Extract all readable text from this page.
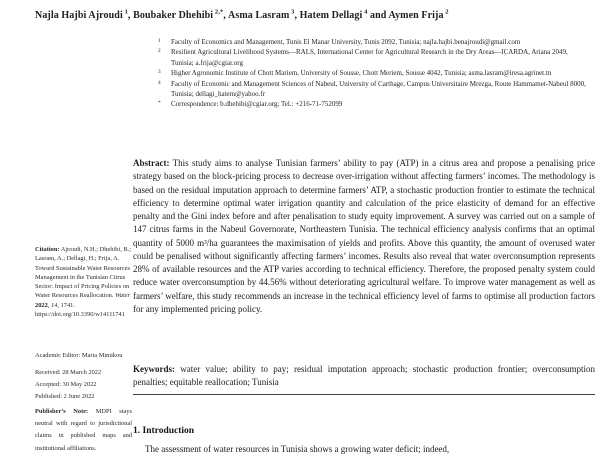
Najla Hajbi Ajroudi $^1$, Boubaker Dhehibi $^{2,*}$, Asma Lasram $^3$, Hatem Dellagi $^4$ and Aymen Frija $^2$
1	Faculty of Economics and Management, Tunis El Manar University, Tunis 2092, Tunisia; najla.hajbi.benajroudi@gmail.com
2	Resilient Agricultural Livelihood Systems—RALS, International Center for Agricultural Research in the Dry Areas—ICARDA, Ariana 2049, Tunisia; a.frija@cgiar.org
3	Higher Agronomic Institute of Chott Mariem, University of Sousse, Chott Meriem, Sousse 4042, Tunisia; asma.lasram@iresa.agrinet.tn
4	Faculty of Economic and Management Sciences of Nabeul, University of Carthage, Campus Universitaire Mrezga, Route Hammamet-Nabeul 8000, Tunisia; dellagi_hatem@yahoo.fr
*	Correspondence: b.dhehibi@cgiar.org; Tel.: +216-71-752099

Abstract: This study aims to analyse Tunisian farmers’ ability to pay (ATP) in a citrus area and propose a penalising price strategy based on the block-pricing process to decrease over-irrigation without affecting farmers’ incomes. The methodology is based on the residual imputation approach to determine farmers’ ATP, a stochastic production frontier to estimate the technical efficiency to determine optimal water irrigation quantity and calculation of the price elasticity of demand for an effective penalty and the Gini index before and after penalisation to study equity improvement. A survey was carried out on a sample of 147 citrus farms in the Nabeul Governorate, Northeastern Tunisia. The technical efficiency analysis confirms that an optimal quantity of 5000 m³/ha guarantees the maximisation of yields and profits. Above this quantity, the amount of overused water could be penalised without significantly affecting farmers’ incomes. Results also reveal that water overconsumption represents 28% of available resources and the ATP varies according to technical efficiency. Therefore, the proposed penalty system could reduce water overconsumption by 44.56% without deteriorating agricultural welfare. To improve water management as well as farmers’ welfare, this study recommends an increase in the technical efficiency level of farms to optimise all production factors for any implemented pricing policy.

Keywords: water value; ability to pay; residual imputation approach; stochastic production frontier; overconsumption penalties; equitable reallocation; Tunisia

1. Introduction

The assessment of water resources in Tunisia shows a growing water deficit; indeed,

Citation: Ajroudi, N.H.; Dhehibi, B.; Lasram, A.; Dellagi, H.; Frija, A. Toward Sustainable Water Resources Management in the Tunisian Citrus Sector: Impact of Pricing Policies on Water Resources Reallocation. Water 2022, 14, 1741.
https://doi.org/10.3390/w14111741
Academic Editor: Maria Mimikou
Received: 28 March 2022
Accepted: 30 May 2022
Published: 2 June 2022
Publisher’s Note: MDPI stays neutral with regard to jurisdictional claims in published maps and institutional affiliations.
